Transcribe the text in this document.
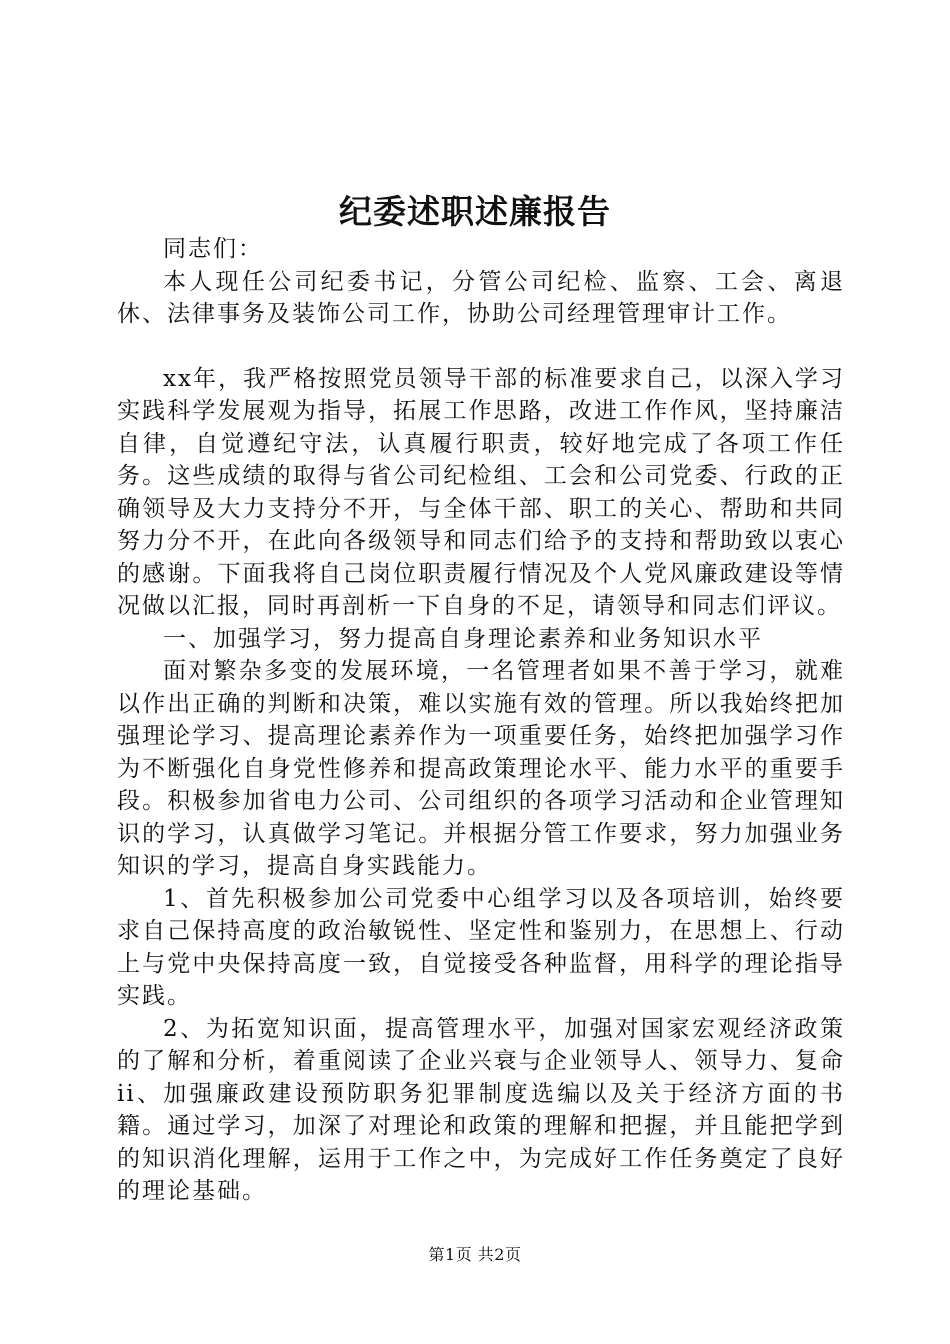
纪委述职述廉报告

同志们：

本人现任公司纪委书记，分管公司纪检、监察、工会、离退休、法律事务及装饰公司工作，协助公司经理管理审计工作。

xx年，我严格按照党员领导干部的标准要求自己，以深入学习实践科学发展观为指导，拓展工作思路，改进工作作风，坚持廉洁自律，自觉遵纪守法，认真履行职责，较好地完成了各项工作任务。这些成绩的取得与省公司纪检组、工会和公司党委、行政的正确领导及大力支持分不开，与全体干部、职工的关心、帮助和共同努力分不开，在此向各级领导和同志们给予的支持和帮助致以衷心的感谢。下面我将自己岗位职责履行情况及个人党风廉政建设等情况做以汇报，同时再剖析一下自身的不足，请领导和同志们评议。

一、加强学习，努力提高自身理论素养和业务知识水平

面对繁杂多变的发展环境，一名管理者如果不善于学习，就难以作出正确的判断和决策，难以实施有效的管理。所以我始终把加强理论学习、提高理论素养作为一项重要任务，始终把加强学习作为不断强化自身党性修养和提高政策理论水平、能力水平的重要手段。积极参加省电力公司、公司组织的各项学习活动和企业管理知识的学习，认真做学习笔记。并根据分管工作要求，努力加强业务知识的学习，提高自身实践能力。

1、首先积极参加公司党委中心组学习以及各项培训，始终要求自己保持高度的政治敏锐性、坚定性和鉴别力，在思想上、行动上与党中央保持高度一致，自觉接受各种监督，用科学的理论指导实践。

2、为拓宽知识面，提高管理水平，加强对国家宏观经济政策的了解和分析，着重阅读了企业兴衰与企业领导人、领导力、复命ii、加强廉政建设预防职务犯罪制度选编以及关于经济方面的书籍。通过学习，加深了对理论和政策的理解和把握，并且能把学到的知识消化理解，运用于工作之中，为完成好工作任务奠定了良好的理论基础。

第1页 共2页
